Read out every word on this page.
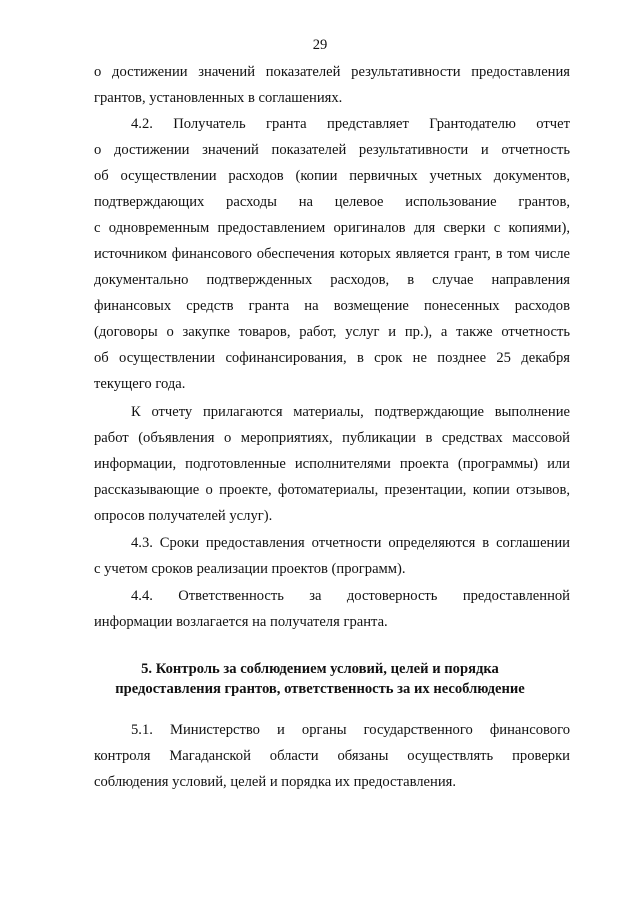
29
о достижении значений показателей результативности предоставления
грантов, установленных в соглашениях.
4.2. Получатель гранта представляет Грантодателю отчет
о достижении значений показателей результативности и отчетность
об осуществлении расходов (копии первичных учетных документов,
подтверждающих расходы на целевое использование грантов,
с одновременным предоставлением оригиналов для сверки с копиями),
источником финансового обеспечения которых является грант, в том числе
документально подтвержденных расходов, в случае направления
финансовых средств гранта на возмещение понесенных расходов
(договоры о закупке товаров, работ, услуг и пр.), а также отчетность
об осуществлении софинансирования, в срок не позднее 25 декабря
текущего года.
К отчету прилагаются материалы, подтверждающие выполнение
работ (объявления о мероприятиях, публикации в средствах массовой
информации, подготовленные исполнителями проекта (программы) или
рассказывающие о проекте, фотоматериалы, презентации, копии отзывов,
опросов получателей услуг).
4.3. Сроки предоставления отчетности определяются в соглашении
с учетом сроков реализации проектов (программ).
4.4. Ответственность за достоверность предоставленной
информации возлагается на получателя гранта.
5. Контроль за соблюдением условий, целей и порядка
предоставления грантов, ответственность за их несоблюдение
5.1. Министерство и органы государственного финансового
контроля Магаданской области обязаны осуществлять проверки
соблюдения условий, целей и порядка их предоставления.
